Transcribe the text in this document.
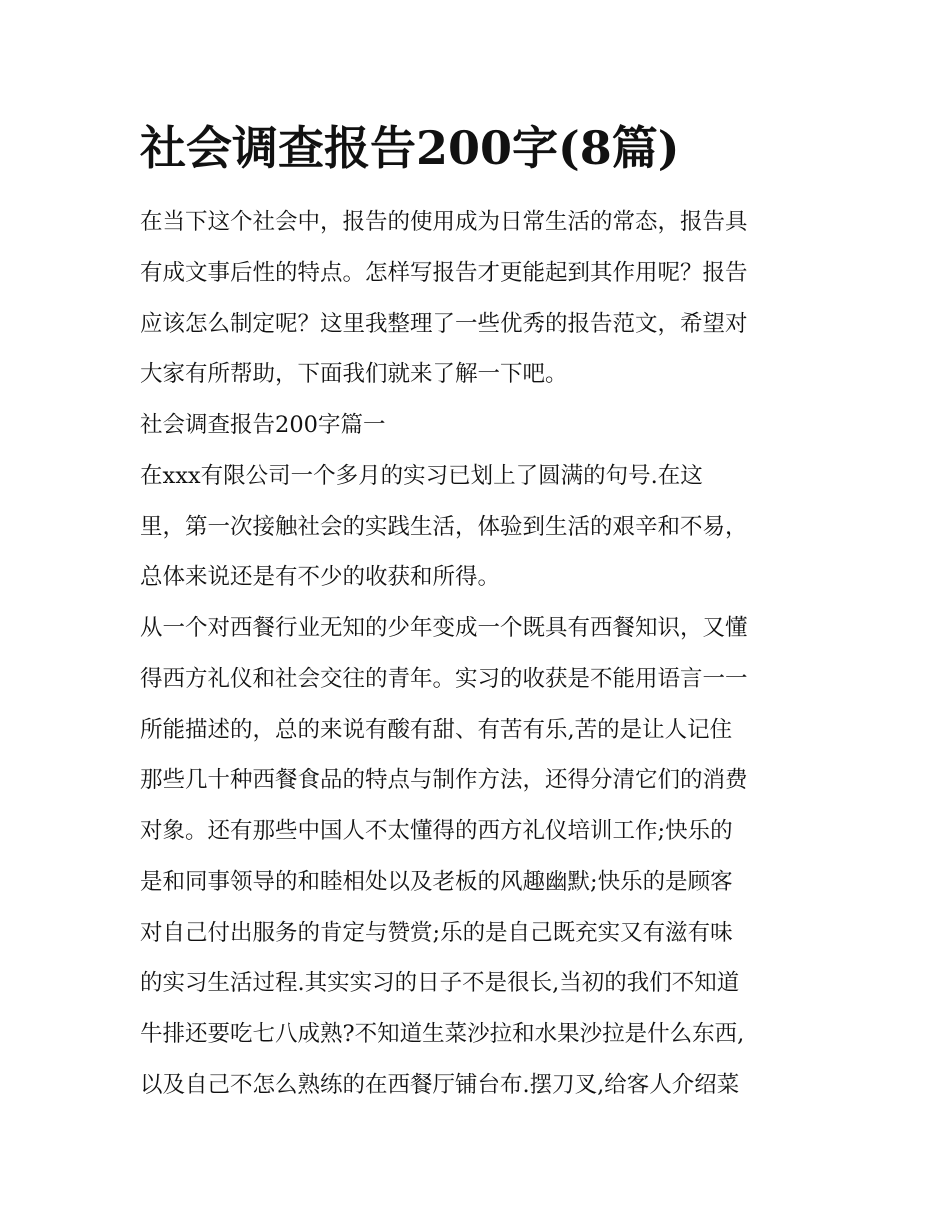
社会调查报告200字(8篇)
在当下这个社会中，报告的使用成为日常生活的常态，报告具
有成文事后性的特点。怎样写报告才更能起到其作用呢？报告
应该怎么制定呢？这里我整理了一些优秀的报告范文，希望对
大家有所帮助，下面我们就来了解一下吧。
社会调查报告200字篇一
在xxx有限公司一个多月的实习已划上了圆满的句号.在这
里，第一次接触社会的实践生活，体验到生活的艰辛和不易，
总体来说还是有不少的收获和所得。
从一个对西餐行业无知的少年变成一个既具有西餐知识，又懂
得西方礼仪和社会交往的青年。实习的收获是不能用语言一一
所能描述的，总的来说有酸有甜、有苦有乐,苦的是让人记住
那些几十种西餐食品的特点与制作方法，还得分清它们的消费
对象。还有那些中国人不太懂得的西方礼仪培训工作;快乐的
是和同事领导的和睦相处以及老板的风趣幽默;快乐的是顾客
对自己付出服务的肯定与赞赏;乐的是自己既充实又有滋有味
的实习生活过程.其实实习的日子不是很长,当初的我们不知道
牛排还要吃七八成熟?不知道生菜沙拉和水果沙拉是什么东西,
以及自己不怎么熟练的在西餐厅铺台布.摆刀叉,给客人介绍菜
